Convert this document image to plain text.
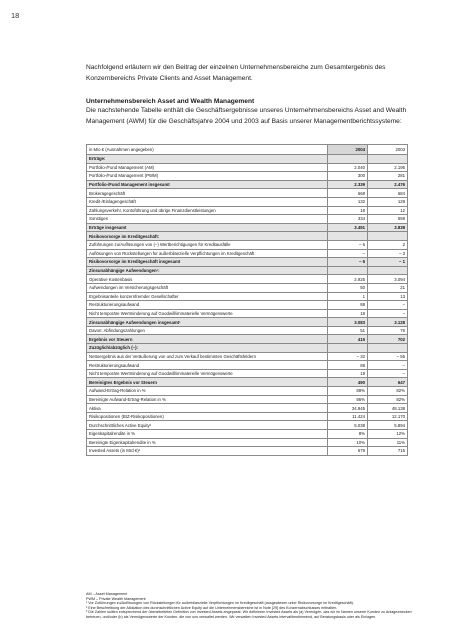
18

Nachfolgend erläutern wir den Beitrag der einzelnen Unternehmensbereiche zum Gesamtergebnis des Konzernbereichs Private Clients and Asset Management.

Unternehmensbereich Asset and Wealth Management

Die nachstehende Tabelle enthält die Geschäftsergebnisse unseres Unternehmensbereichs Asset and Wealth Management (AWM) für die Geschäftsjahre 2004 und 2003 auf Basis unserer Managementberichtssysteme:

in Mio € (Ausnahmen angegeben)	2004	2003
Erträge:		
Portfolio-/Fund Management (AM)	2.040	2.195
Portfolio-/Fund Management (PWM)	300	281
Portfolio-/Fund Management insgesamt	2.339	2.476
Brokeragegeschäft	668	684
Kredit-/Einlagengeschäft	132	128
Zahlungsverkehr, Kontoführung und übrige Finanzdienstleistungen	18	12
Sonstiges	334	559
Erträge insgesamt	3.491	3.838
Risikovorsorge im Kreditgeschäft:		
Zuführungen zu/Auflösungen von (–) Wertberichtigungen für Kreditausfälle	– 6	2
Auflösungen von Rückstellungen für außerbilanzielle Verpflichtungen im Kreditgeschäft	–	– 3
Risikovorsorge im Kreditgeschäft insgesamt	– 6	– 1
Zinsunabhängige Aufwendungen¹:		
Operative Kostenbasis	2.925	3.094
Aufwendungen im Versicherungsgeschäft	50	21
Ergebnisanteile konzernfremder Gesellschafter	1	13
Restrukturierungsaufwand	88	–
Nicht temporäre Wertminderung auf Goodwill/immaterielle Vermögenswerte	19	–
Zinsunabhängige Aufwendungen insgesamt¹	3.083	3.128
Davon: Abfindungszahlungen	51	76
Ergebnis vor Steuern	415	702
Zuzüglich/abzüglich (–):		
Nettoergebnis aus der Veräußerung von und zum Verkauf bestimmten Geschäftsfeldern	– 32	– 55
Restrukturierungsaufwand	88	–
Nicht temporäre Wertminderung auf Goodwill/immaterielle Vermögenswerte	19	–
Bereinigtes Ergebnis vor Steuern	490	647
Aufwand-Ertrag-Relation in %	88%	82%
Bereinigte Aufwand-Ertrag-Relation in %	86%	82%
Aktiva	34.945	48.138
Risikopositionen (BIZ-Risikopositionen)	11.424	12.170
Durchschnittliches Active Equity²	5.038	5.894
Eigenkapitalrendite in %	8%	12%
Bereinigte Eigenkapitalrendite in %	10%	11%
Invested Assets (in Mrd €)³	679	715
AM – Asset Management
PWM – Private Wealth Management
¹ Vor Zuführungen zu/Auflösungen von Rückstellungen für außerbilanzielle Verpflichtungen im Kreditgeschäft (ausgewiesen unter Risikovorsorge im Kreditgeschäft).
² Eine Beschreibung der Allokation des durchschnittlichen Active Equity auf die Unternehmensbereiche ist in Note [29] des Konzernabschlusses enthalten.
³ Die Zahlen sollten entsprechend der überarbeiteten Definition von Invested Assets angepasst. Wir definieren Invested Assets als (a) Vermögen, das wir im Namen unserer Kunden zu Anlagezwecken betreuen, und/oder (b) als Vermögenswerte der Kunden, die von uns verwaltet werden. Wir verwalten Invested Assets intervallbestimmend, auf Beratungsbasis oder als Einlagen.
